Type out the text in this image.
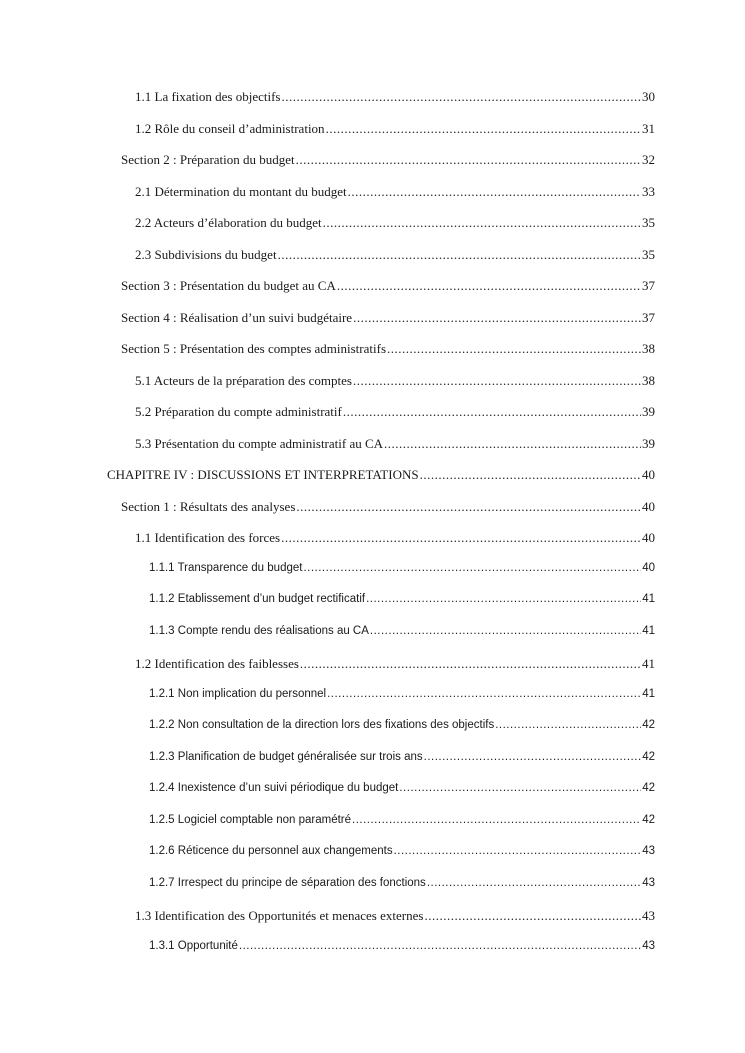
1.1 La fixation des objectifs .....	30
1.2 Rôle du conseil d’administration .....	31
Section 2 : Préparation du budget .....	32
2.1 Détermination du montant du budget .....	33
2.2 Acteurs d’élaboration du budget .....	35
2.3 Subdivisions du budget .....	35
Section 3 : Présentation du budget au CA .....	37
Section 4 : Réalisation d’un suivi budgétaire .....	37
Section 5 : Présentation des comptes administratifs .....	38
5.1 Acteurs de la préparation des comptes .....	38
5.2 Préparation du compte administratif .....	39
5.3 Présentation du compte administratif au CA .....	39
CHAPITRE IV : DISCUSSIONS ET INTERPRETATIONS .....	40
Section 1 : Résultats des analyses .....	40
1.1 Identification des forces .....	40
1.1.1 Transparence du budget .....	40
1.1.2 Etablissement d’un budget rectificatif .....	41
1.1.3 Compte rendu des réalisations au CA .....	41
1.2 Identification des faiblesses .....	41
1.2.1 Non implication du personnel .....	41
1.2.2 Non consultation de la direction lors des fixations des objectifs .....	42
1.2.3 Planification de budget généralisée sur trois ans .....	42
1.2.4 Inexistence d’un suivi périodique du budget .....	42
1.2.5 Logiciel comptable non paramétré .....	42
1.2.6 Réticence du personnel aux changements .....	43
1.2.7 Irrespect du principe de séparation des fonctions .....	43
1.3 Identification des Opportunités et menaces externes .....	43
1.3.1 Opportunité .....	43
